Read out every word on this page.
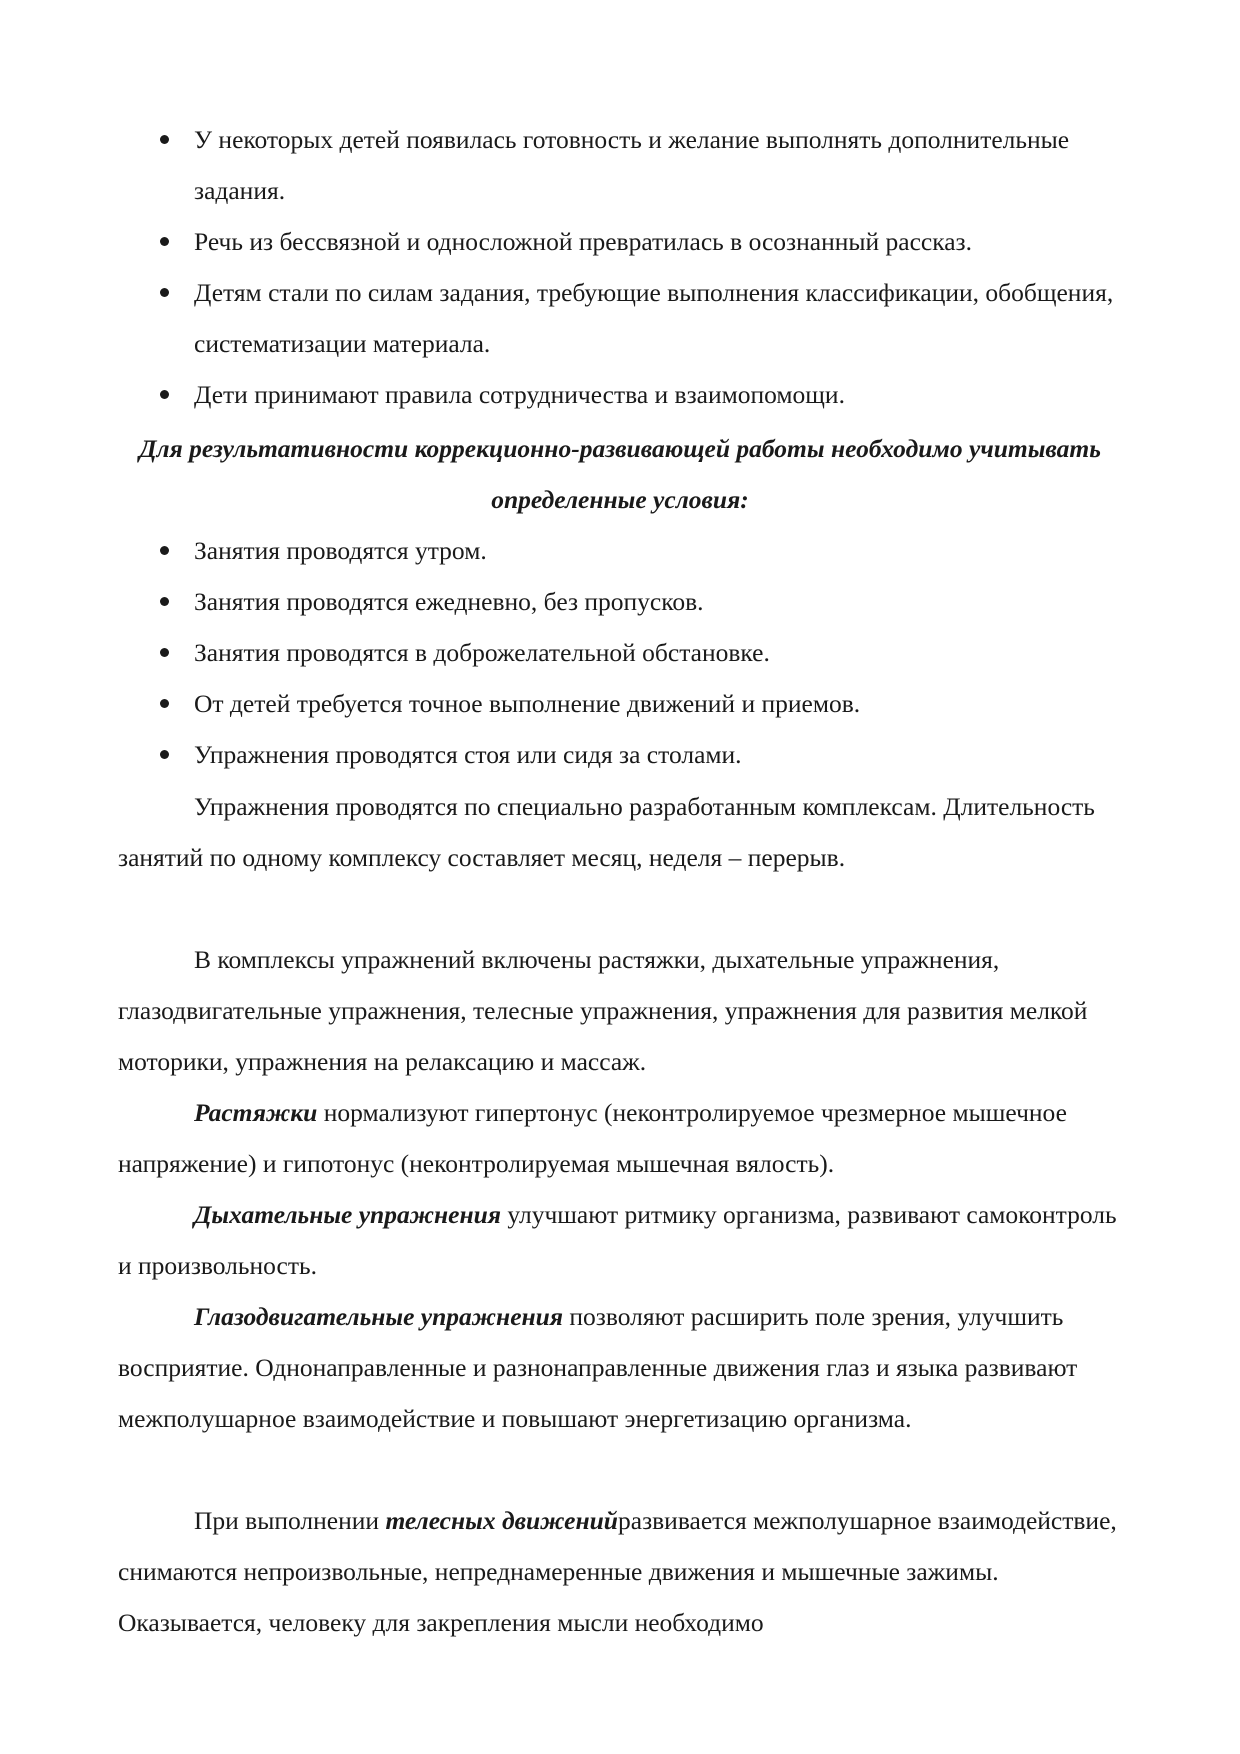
У некоторых детей появилась готовность и желание выполнять дополнительные задания.
Речь из бессвязной и односложной превратилась в осознанный рассказ.
Детям стали по силам задания, требующие выполнения классификации, обобщения, систематизации материала.
Дети принимают правила сотрудничества и взаимопомощи.
Для результативности коррекционно-развивающей работы необходимо учитывать определенные условия:
Занятия проводятся утром.
Занятия проводятся ежедневно, без пропусков.
Занятия проводятся в доброжелательной обстановке.
От детей требуется точное выполнение движений и приемов.
Упражнения проводятся стоя или сидя за столами.

Упражнения проводятся по специально разработанным комплексам. Длительность занятий по одному комплексу составляет месяц, неделя – перерыв.

В комплексы упражнений включены растяжки, дыхательные упражнения, глазодвигательные упражнения, телесные упражнения, упражнения для развития мелкой моторики, упражнения на релаксацию и массаж.

Растяжки нормализуют гипертонус (неконтролируемое чрезмерное мышечное напряжение) и гипотонус (неконтролируемая мышечная вялость).

Дыхательные упражнения улучшают ритмику организма, развивают самоконтроль и произвольность.

Глазодвигательные упражнения позволяют расширить поле зрения, улучшить восприятие. Однонаправленные и разнонаправленные движения глаз и языка развивают межполушарное взаимодействие и повышают энергетизацию организма.

При выполнении телесных движенийразвивается межполушарное взаимодействие, снимаются непроизвольные, непреднамеренные движения и мышечные зажимы. Оказывается, человеку для закрепления мысли необходимо
